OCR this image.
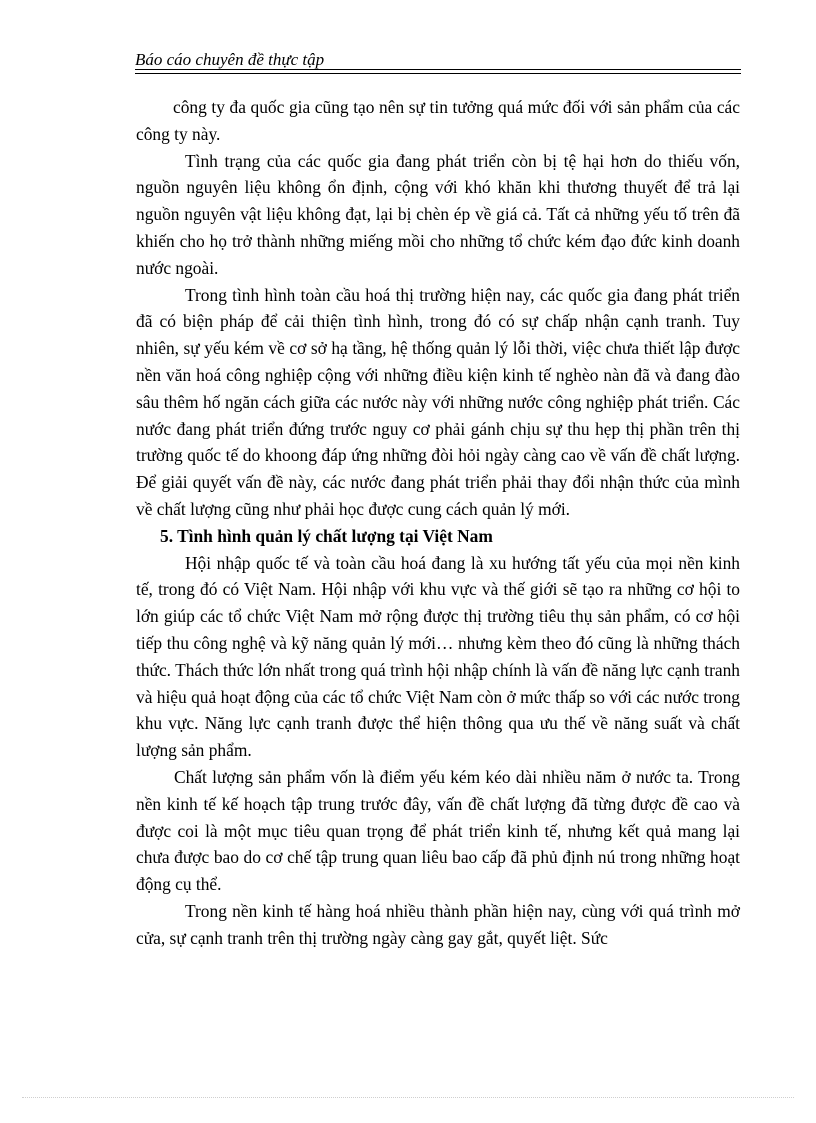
Báo cáo chuyên đề thực tập

công ty đa quốc gia cũng tạo nên sự tin tưởng quá mức đối với sản phẩm của các công ty này.

Tình trạng của các quốc gia đang phát triển còn bị tệ hại hơn do thiếu vốn, nguồn nguyên liệu không ổn định, cộng với khó khăn khi thương thuyết để trả lại nguồn nguyên vật liệu không đạt, lại bị chèn ép về giá cả. Tất cả những yếu tố trên đã khiến cho họ trở thành những miếng mồi cho những tổ chức kém đạo đức kinh doanh nước ngoài.

Trong tình hình toàn cầu hoá thị trường hiện nay, các quốc gia đang phát triển đã có biện pháp để cải thiện tình hình, trong đó có sự chấp nhận cạnh tranh. Tuy nhiên, sự yếu kém về cơ sở hạ tầng, hệ thống quản lý lỗi thời, việc chưa thiết lập được nền văn hoá công nghiệp cộng với những điều kiện kinh tế nghèo nàn đã và đang đào sâu thêm hố ngăn cách giữa các nước này với những nước công nghiệp phát triển. Các nước đang phát triển đứng trước nguy cơ phải gánh chịu sự thu hẹp thị phần trên thị trường quốc tế do khoong đáp ứng những đòi hỏi ngày càng cao về vấn đề chất lượng. Để giải quyết vấn đề này, các nước đang phát triển phải thay đổi nhận thức của mình về chất lượng cũng như phải học được cung cách quản lý mới.

5. Tình hình quản lý chất lượng tại Việt Nam

Hội nhập quốc tế và toàn cầu hoá đang là xu hướng tất yếu của mọi nền kinh tế, trong đó có Việt Nam. Hội nhập với khu vực và thế giới sẽ tạo ra những cơ hội to lớn giúp các tổ chức Việt Nam mở rộng được thị trường tiêu thụ sản phẩm, có cơ hội tiếp thu công nghệ và kỹ năng quản lý mới… nhưng kèm theo đó cũng là những thách thức. Thách thức lớn nhất trong quá trình hội nhập chính là vấn đề năng lực cạnh tranh và hiệu quả hoạt động của các tổ chức Việt Nam còn ở mức thấp so với các nước trong khu vực. Năng lực cạnh tranh được thể hiện thông qua ưu thế về năng suất và chất lượng sản phẩm.

Chất lượng sản phẩm vốn là điểm yếu kém kéo dài nhiều năm ở nước ta. Trong nền kinh tế kế hoạch tập trung trước đây, vấn đề chất lượng đã từng được đề cao và được coi là một mục tiêu quan trọng để phát triển kinh tế, nhưng kết quả mang lại chưa được bao do cơ chế tập trung quan liêu bao cấp đã phủ định nú trong những hoạt động cụ thể.

Trong nền kinh tế hàng hoá nhiều thành phần hiện nay, cùng với quá trình mở cửa, sự cạnh tranh trên thị trường ngày càng gay gắt, quyết liệt. Sức
